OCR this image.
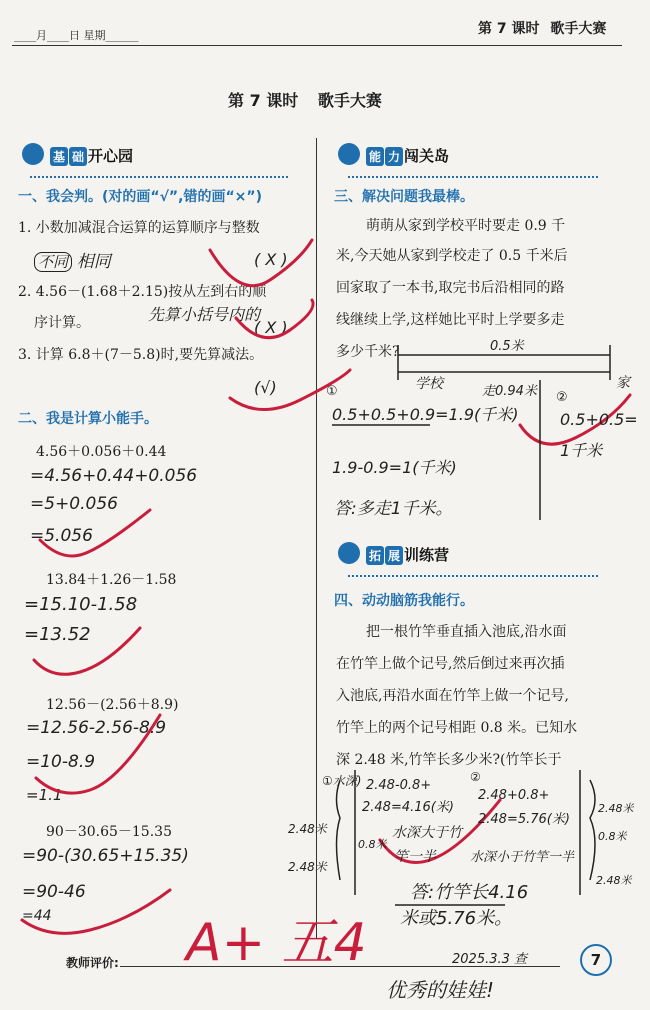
____月____日 星期______	第 7 课时 歌手大赛
第 7 课时 歌手大赛
基 础 开心园
一、我会判。(对的画“√”,错的画“×”)
1. 小数加减混合运算的运算顺序与整数
不同 相同	( X )
2. 4.56－(1.68＋2.15)按从左到右的顺
序计算。	先算小括号内的
( X )
3. 计算 6.8＋(7－5.8)时,要先算减法。
(√)
二、我是计算小能手。
4.56＋0.056＋0.44
=4.56+0.44+0.056
=5+0.056
=5.056
13.84＋1.26－1.58
=15.10-1.58
=13.52
12.56－(2.56＋8.9)
=12.56-2.56-8.9
=10-8.9
=1.1
90－30.65－15.35
=90-(30.65+15.35)
=90-46
=44
教师评价: A+ 五4
能 力 闯关岛
三、解决问题我最棒。
萌萌从家到学校平时要走 0.9 千
米,今天她从家到学校走了 0.5 千米后
回家取了一本书,取完书后沿相同的路
线继续上学,这样她比平时上学要多走
多少千米?	0.5米
学校	家
走0.94米
①
0.5+0.5+0.9=1.9(千米)
1.9-0.9=1(千米)
答:多走1千米。
②
0.5+0.5=
1千米
拓 展 训练营
四、动动脑筋我能行。
把一根竹竿垂直插入池底,沿水面
在竹竿上做个记号,然后倒过来再次插
入池底,再沿水面在竹竿上做一个记号,
竹竿上的两个记号相距 0.8 米。已知水
深 2.48 米,竹竿长多少米?(竹竿长于
①水深) 2.48-0.8+
2.48=4.16(米)
水深大于竹
竿一半
2.48米
0.8米
2.48米
②
2.48+0.8+
2.48=5.76(米)
水深小于竹竿一半
2.48米
0.8米
2.48米
答:竹竿长4.16
米或5.76米。
2025.3.3 查	7
优秀的娃娃!
